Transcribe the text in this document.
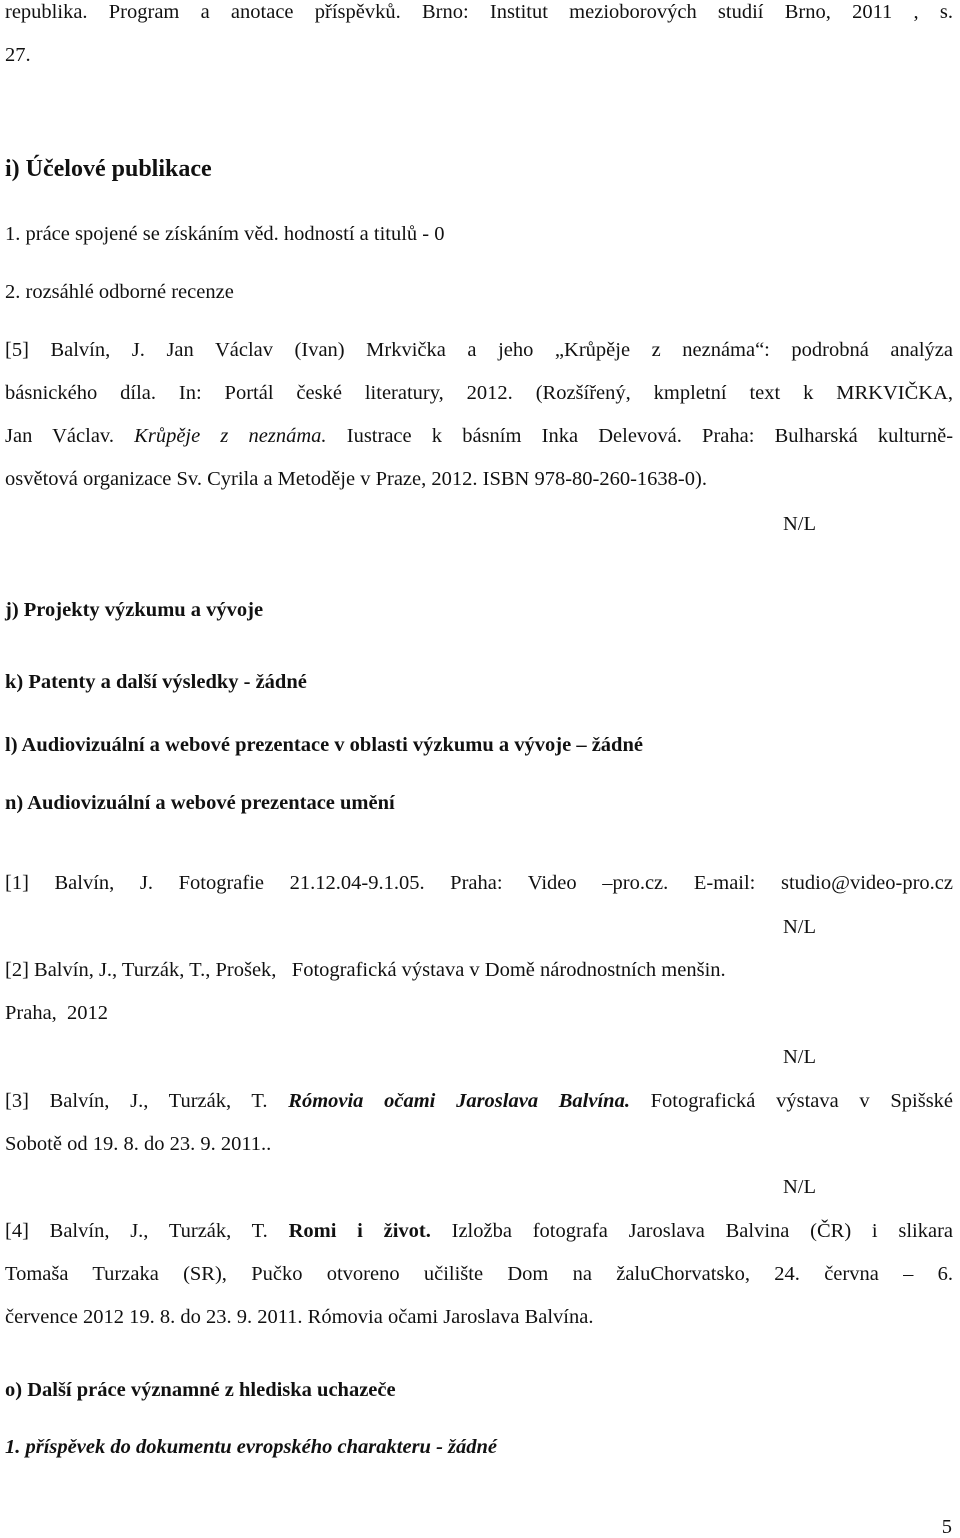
republika. Program a anotace příspěvků. Brno: Institut mezioborových studií Brno, 2011 , s.
27.
i) Účelové publikace
1. práce spojené se získáním věd. hodností a titulů - 0
2. rozsáhlé odborné recenze
[5] Balvín, J. Jan Václav (Ivan) Mrkvička a jeho „Krůpěje z neznáma“: podrobná analýza
básnického díla. In: Portál české literatury, 2012. (Rozšířený, kmpletní text k MRKVIČKA,
Jan Václav. Krůpěje z neznáma. Iustrace k básním Inka Delevová. Praha: Bulharská kulturně-
osvětová organizace Sv. Cyrila a Metoděje v Praze, 2012. ISBN 978-80-260-1638-0).
N/L
j) Projekty výzkumu a vývoje
k) Patenty a další výsledky - žádné
l) Audiovizuální a webové prezentace v oblasti výzkumu a vývoje – žádné
n) Audiovizuální a webové prezentace umění
[1] Balvín, J. Fotografie 21.12.04-9.1.05. Praha: Video –pro.cz. E-mail: studio@video-pro.cz
N/L
[2] Balvín, J., Turzák, T., Prošek,   Fotografická výstava v Domě národnostních menšin.
Praha,  2012
N/L
[3] Balvín, J., Turzák, T. Rómovia očami Jaroslava Balvína. Fotografická výstava v Spišské
Sobotě od 19. 8. do 23. 9. 2011..
N/L
[4] Balvín, J., Turzák, T. Romi i život. Izložba fotografa Jaroslava Balvina (ČR) i slikara
Tomaša Turzaka (SR), Pučko otvoreno učilište Dom na žaluChorvatsko, 24. června – 6.
července 2012 19. 8. do 23. 9. 2011. Rómovia očami Jaroslava Balvína.
o) Další práce významné z hlediska uchazeče
1. příspěvek do dokumentu evropského charakteru - žádné
5
